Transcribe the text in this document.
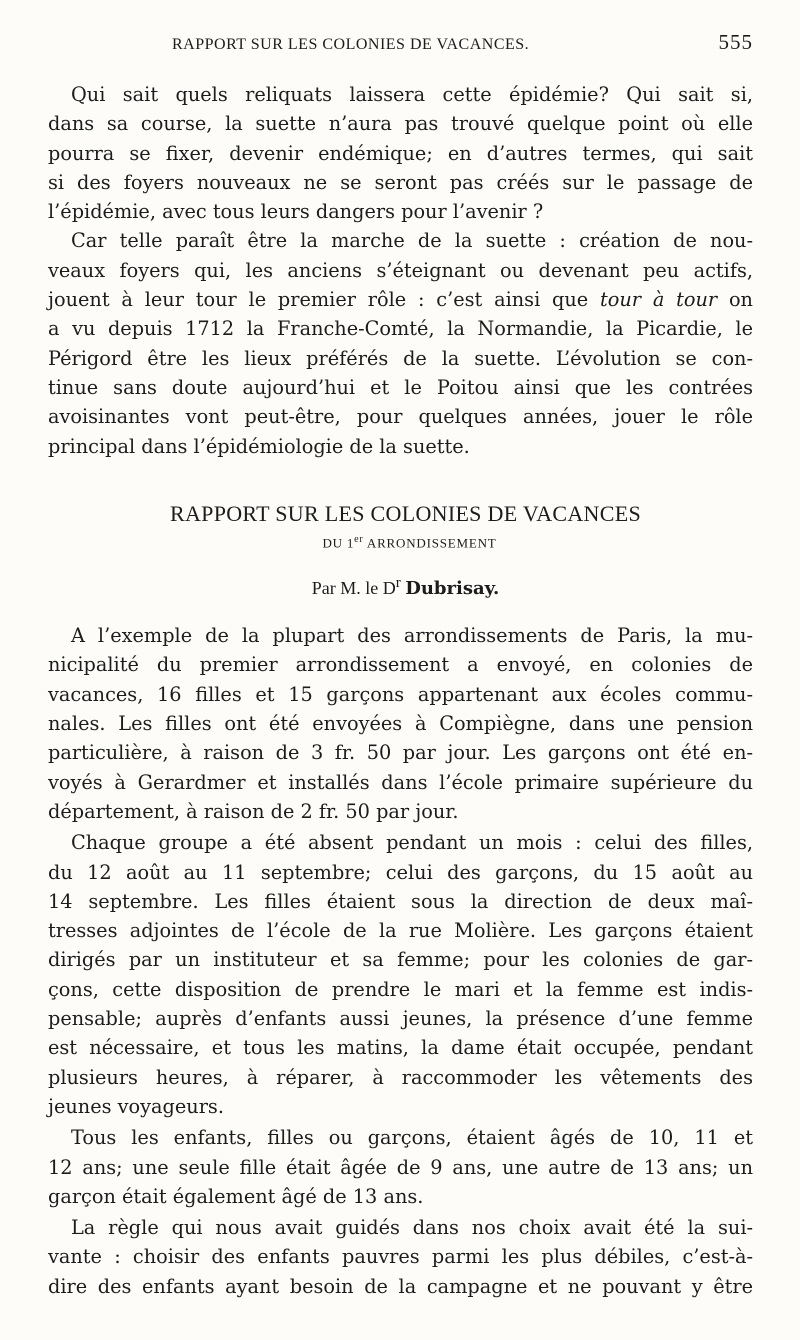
RAPPORT SUR LES COLONIES DE VACANCES.	555

Qui sait quels reliquats laissera cette épidémie? Qui sait si,
dans sa course, la suette n’aura pas trouvé quelque point où elle
pourra se fixer, devenir endémique; en d’autres termes, qui sait
si des foyers nouveaux ne se seront pas créés sur le passage de
l’épidémie, avec tous leurs dangers pour l’avenir ?

Car telle paraît être la marche de la suette : création de nou-
veaux foyers qui, les anciens s’éteignant ou devenant peu actifs,
jouent à leur tour le premier rôle : c’est ainsi que tour à tour on
a vu depuis 1712 la Franche-Comté, la Normandie, la Picardie, le
Périgord être les lieux préférés de la suette. L’évolution se con-
tinue sans doute aujourd’hui et le Poitou ainsi que les contrées
avoisinantes vont peut-être, pour quelques années, jouer le rôle
principal dans l’épidémiologie de la suette.

RAPPORT SUR LES COLONIES DE VACANCES
DU 1er ARRONDISSEMENT
Par M. le $D^r$ Dubrisay.

A l’exemple de la plupart des arrondissements de Paris, la mu-
nicipalité du premier arrondissement a envoyé, en colonies de
vacances, 16 filles et 15 garçons appartenant aux écoles commu-
nales. Les filles ont été envoyées à Compiègne, dans une pension
particulière, à raison de 3 fr. 50 par jour. Les garçons ont été en-
voyés à Gerardmer et installés dans l’école primaire supérieure du
département, à raison de 2 fr. 50 par jour.

Chaque groupe a été absent pendant un mois : celui des filles,
du 12 août au 11 septembre; celui des garçons, du 15 août au
14 septembre. Les filles étaient sous la direction de deux maî-
tresses adjointes de l’école de la rue Molière. Les garçons étaient
dirigés par un instituteur et sa femme; pour les colonies de gar-
çons, cette disposition de prendre le mari et la femme est indis-
pensable; auprès d’enfants aussi jeunes, la présence d’une femme
est nécessaire, et tous les matins, la dame était occupée, pendant
plusieurs heures, à réparer, à raccommoder les vêtements des
jeunes voyageurs.

Tous les enfants, filles ou garçons, étaient âgés de 10, 11 et
12 ans; une seule fille était âgée de 9 ans, une autre de 13 ans; un
garçon était également âgé de 13 ans.

La règle qui nous avait guidés dans nos choix avait été la sui-
vante : choisir des enfants pauvres parmi les plus débiles, c’est-à-
dire des enfants ayant besoin de la campagne et ne pouvant y être
